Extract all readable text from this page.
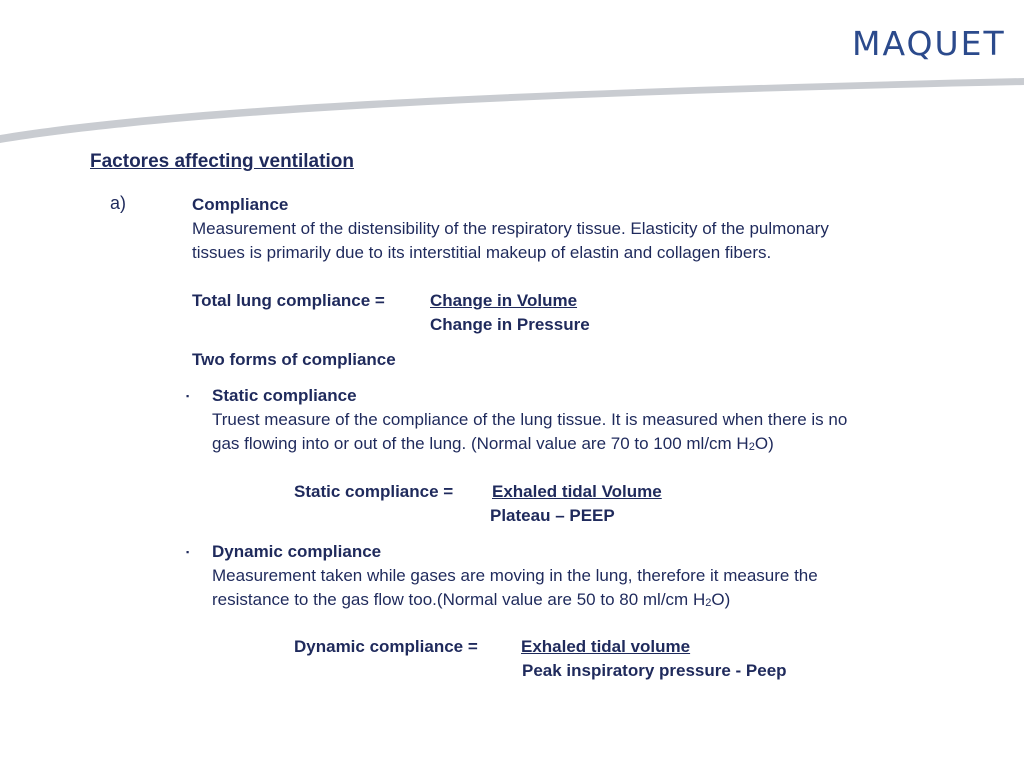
MAQUET
Factores affecting ventilation
a)	Compliance
Measurement of the distensibility of the respiratory tissue. Elasticity of the pulmonary
tissues is primarily due to its interstitial makeup of elastin and collagen fibers.
Total lung compliance =	Change in Volume
Change in Pressure
Two forms of compliance
▪ Static compliance
Truest measure of the compliance of the lung tissue. It is measured when there is no
gas flowing into or out of the lung. (Normal value are 70 to 100 ml/cm $H_2O$)
Static compliance = Exhaled tidal Volume
Plateau – PEEP
▪ Dynamic compliance
Measurement taken while gases are moving in the lung, therefore it measure the
resistance to the gas flow too.(Normal value are 50 to 80 ml/cm $H_2O$)
Dynamic compliance =	Exhaled tidal volume
Peak inspiratory pressure - Peep
